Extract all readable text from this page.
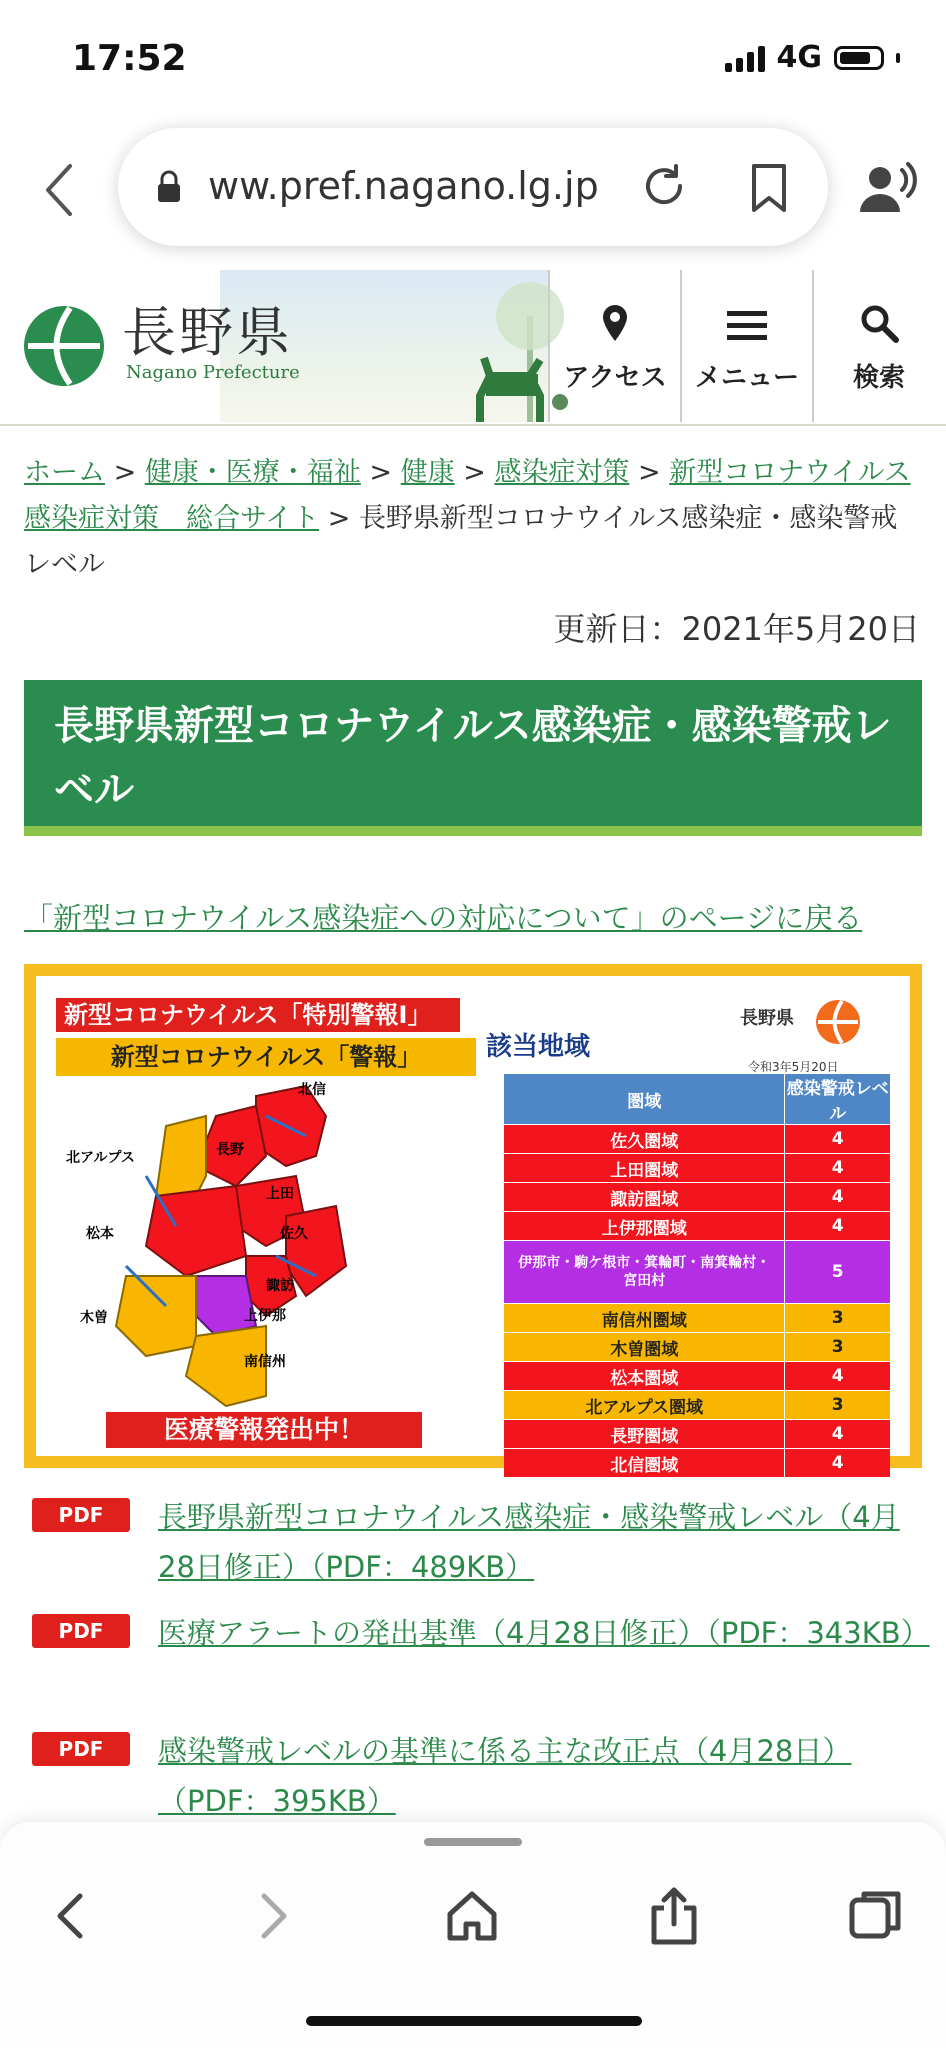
17:52	4G
ww.pref.nagano.lg.jp
長野県
Nagano Prefecture	アクセス メニュー 検索
ホーム > 健康・医療・福祉 > 健康 > 感染症対策 > 新型コロナウイルス感染症対策　総合サイト > 長野県新型コロナウイルス感染症・感染警戒レベル
更新日：2021年5月20日
長野県新型コロナウイルス感染症・感染警戒レベル
「新型コロナウイルス感染症への対応について」のページに戻る
新型コロナウイルス「特別警報Ⅰ」
新型コロナウイルス「警報」	該当地域
長野県
令和3年5月20日
北信
長野
北アルプス
上田
松本	佐久
諏訪
木曽	上伊那
南信州
医療警報発出中！
圏域	感染警戒レベル
佐久圏域	4
上田圏域	4
諏訪圏域	4
上伊那圏域	4
伊那市・駒ケ根市・箕輪町・南箕輪村・宮田村	5
南信州圏域	3
木曽圏域	3
松本圏域	4
北アルプス圏域	3
長野圏域	4
北信圏域	4
PDF	長野県新型コロナウイルス感染症・感染警戒レベル（4月28日修正）（PDF：489KB）
PDF	医療アラートの発出基準（4月28日修正）（PDF：343KB）
PDF	感染警戒レベルの基準に係る主な改正点（4月28日）（PDF：395KB）
